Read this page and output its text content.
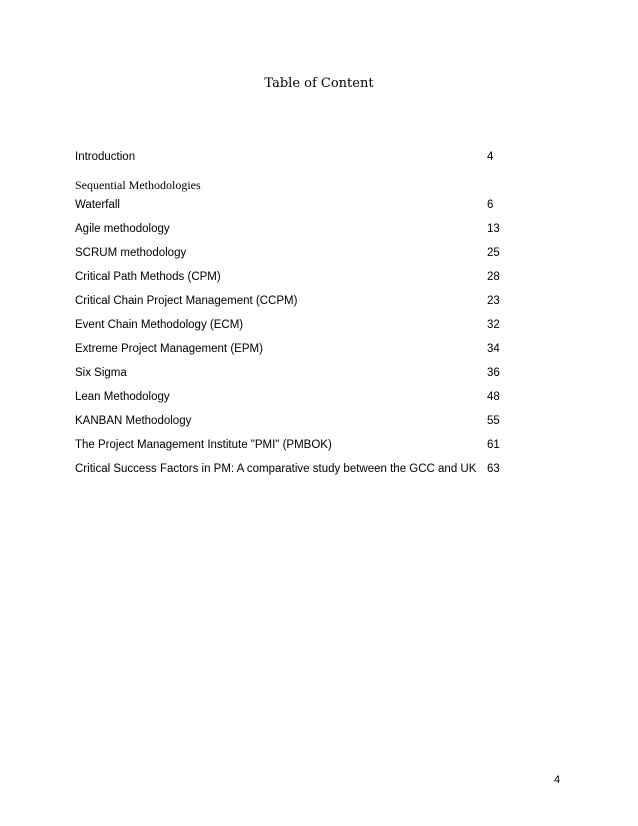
Table of Content
Introduction	4
Sequential Methodologies
Waterfall	6
Agile methodology	13
SCRUM methodology	25
Critical Path Methods (CPM)	28
Critical Chain Project Management (CCPM)	23
Event Chain Methodology (ECM)	32
Extreme Project Management (EPM)	34
Six Sigma	36
Lean Methodology	48
KANBAN Methodology	55
The Project Management Institute "PMI" (PMBOK)	61
Critical Success Factors in PM: A comparative study between the GCC and UK 63
4
